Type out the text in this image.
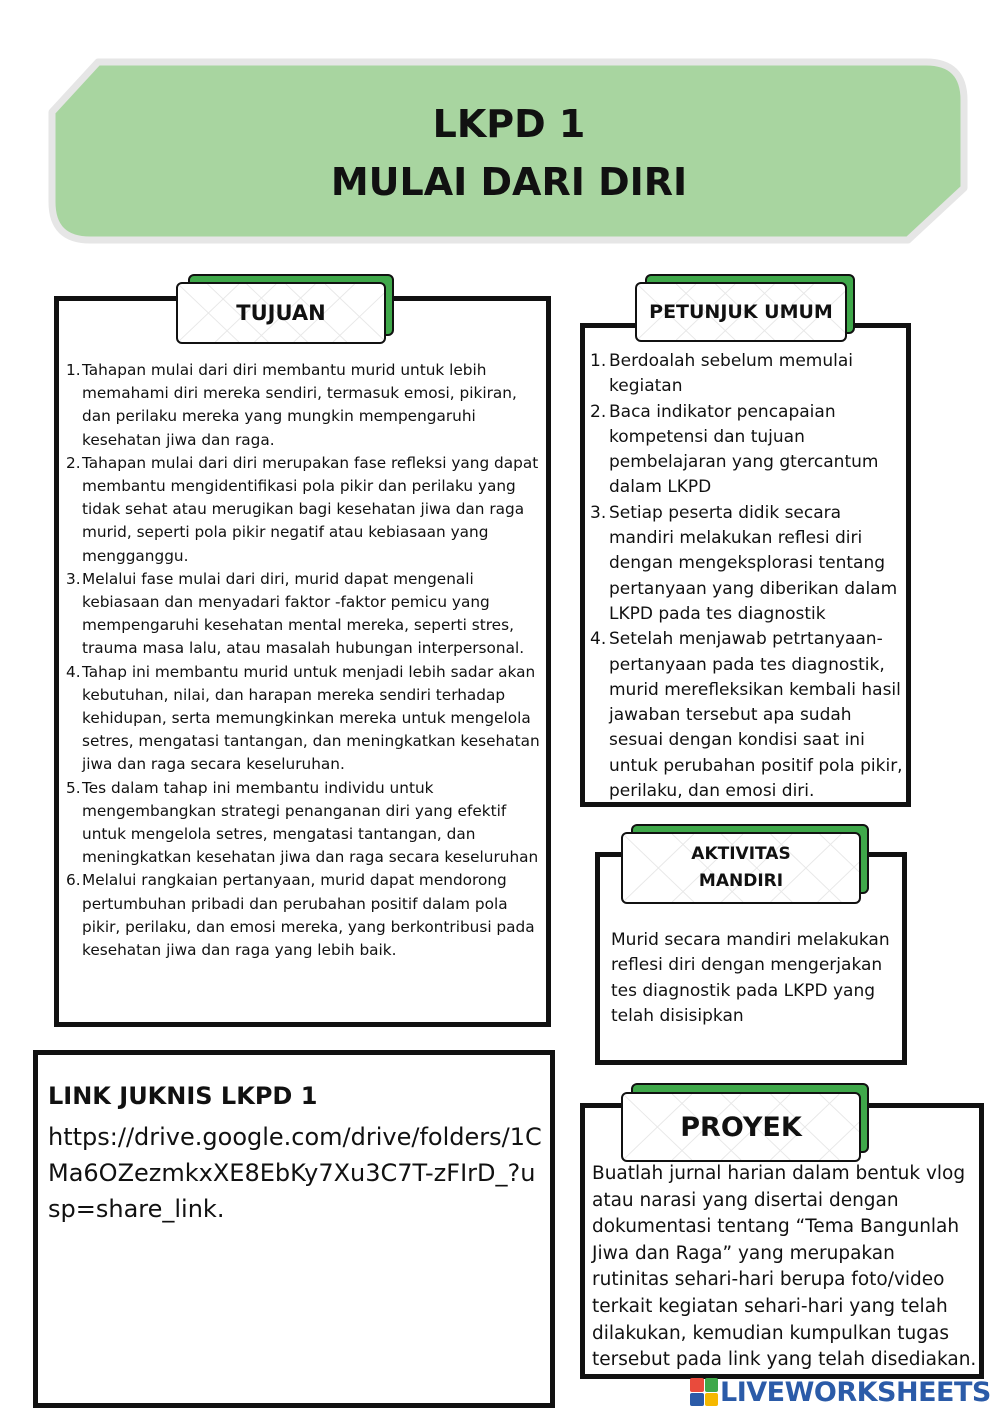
LKPD 1
MULAI DARI DIRI
TUJUAN
1. Tahapan mulai dari diri membantu murid untuk lebih memahami diri mereka sendiri, termasuk emosi, pikiran, dan perilaku mereka yang mungkin mempengaruhi kesehatan jiwa dan raga.
2. Tahapan mulai dari diri merupakan fase refleksi yang dapat membantu mengidentifikasi pola pikir dan perilaku yang tidak sehat atau merugikan bagi kesehatan jiwa dan raga murid, seperti pola pikir negatif atau kebiasaan yang mengganggu.
3. Melalui fase mulai dari diri, murid dapat mengenali kebiasaan dan menyadari faktor -faktor pemicu yang mempengaruhi kesehatan mental mereka, seperti stres, trauma masa lalu, atau masalah hubungan interpersonal.
4. Tahap ini membantu murid untuk menjadi lebih sadar akan kebutuhan, nilai, dan harapan mereka sendiri terhadap kehidupan, serta memungkinkan mereka untuk mengelola setres, mengatasi tantangan, dan meningkatkan kesehatan jiwa dan raga secara keseluruhan.
5. Tes dalam tahap ini membantu individu untuk mengembangkan strategi penanganan diri yang efektif untuk mengelola setres, mengatasi tantangan, dan meningkatkan kesehatan jiwa dan raga secara keseluruhan
6. Melalui rangkaian pertanyaan, murid dapat mendorong pertumbuhan pribadi dan perubahan positif dalam pola pikir, perilaku, dan emosi mereka, yang berkontribusi pada kesehatan jiwa dan raga yang lebih baik.
PETUNJUK UMUM
1. Berdoalah sebelum memulai kegiatan
2. Baca indikator pencapaian kompetensi dan tujuan pembelajaran yang gtercantum dalam LKPD
3. Setiap peserta didik secara mandiri melakukan reflesi diri dengan mengeksplorasi tentang pertanyaan yang diberikan dalam LKPD pada tes diagnostik
4. Setelah menjawab petrtanyaan-pertanyaan pada tes diagnostik, murid merefleksikan kembali hasil jawaban tersebut apa sudah sesuai dengan kondisi saat ini untuk perubahan positif pola pikir, perilaku, dan emosi diri.
AKTIVITAS
MANDIRI
Murid secara mandiri melakukan reflesi diri dengan mengerjakan tes diagnostik pada LKPD yang telah disisipkan
LINK JUKNIS LKPD 1
https://drive.google.com/drive/folders/1CMa6OZezmkxXE8EbKy7Xu3C7T-zFIrD_?usp=share_link.
PROYEK
Buatlah jurnal harian dalam bentuk vlog atau narasi yang disertai dengan dokumentasi tentang “Tema Bangunlah Jiwa dan Raga” yang merupakan rutinitas sehari-hari berupa foto/video terkait kegiatan sehari-hari yang telah dilakukan, kemudian kumpulkan tugas tersebut pada link yang telah disediakan.
LIVEWORKSHEETS
